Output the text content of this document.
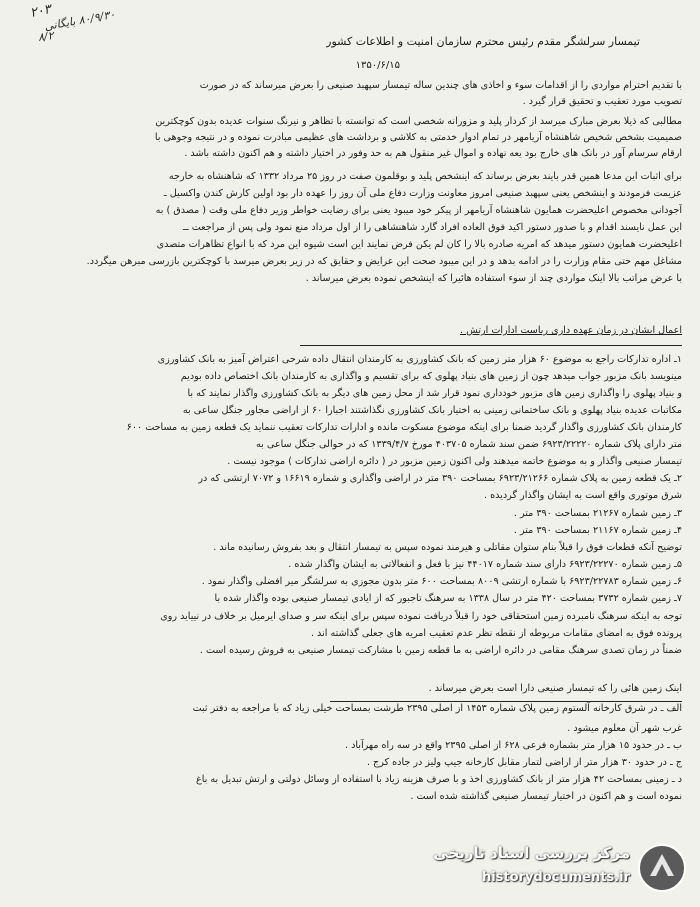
۲۰۳
۸۰/۹/۳۰ بایگانی
۸/۲	تیمسار سرلشگر مقدم رئیس محترم سازمان امنیت و اطلاعات کشور
۱۳۵۰/۶/۱۵
با تقدیم احترام مواردی را از اقدامات سوء و اخاذی های چندین ساله تیمسار سپهبد صنیعی را بعرض میرساند که در صورت
تصویب مورد تعقیب و تحقیق قرار گیرد .
مطالبی که ذیلا بعرض مبارک میرسد از کردار پلید و مزورانه شخصی است که توانسته با تظاهر و نیرنگ سنوات عدیده بدون کوچکترین
صمیمیت بشخص شخیص شاهنشاه آریامهر در تمام ادوار خدمتی به کلاشی و برداشت های عظیمی مبادرت نموده و در نتیجه وجوهی با
ارقام سرسام آور در بانک های خارج بود یعه نهاده و اموال غیر منقول هم به حد وفور در اختیار داشته و هم اکنون داشته باشد .
برای اثبات این مدعا همین قدر بایند بعرض برساند که اینشخص پلید و بوقلمون صفت در روز ۲۵ مرداد ۱۳۳۲ که شاهنشاه به خارجه
عزیمت فرمودند و اینشخص یعنی سپهبد صنیعی امروز معاونت وزارت دفاع ملی آن روز را عهده دار بود اولین کارش کندن واکسیل ـ
آجودانی مخصوص اعلیحضرت همایون شاهنشاه آریامهر از پیکر خود میبود یعنی برای رضایت خواطر وزیر دفاع ملی وقت ( مصدق ) به
این عمل نایسند اقدام و با صدور دستور اکید فوق العاده افراد گارد شاهنشاهی را از اول مرداد منع نمود ولی پس از مراجعت ــ
اعلیحضرت همایون دستور میدهد که امریه صادره بالا را کان لم یکن فرض نمایند این است شیوه این مرد که با انواع تظاهرات متصدی
مشاغل مهم حتی مقام وزارت را در ادامه بدهد و در این میبود صحت این عرایض و حقایق که در زیر بعرض میرسد با کوچکترین بازرسی مبرهن میگردد.
با عرض مراتب بالا اینک مواردی چند از سوء استفاده هائیرا که اینشخص نموده بعرض میرساند .
اعمال ایشان در زمان عهده داری ریاست ادارات ارتش .
۱ـ اداره تدارکات راجع به موضوع ۶۰ هزار متر زمین که بانک کشاورزی به کارمندان انتقال داده شرحی اعتراض آمیز به بانک کشاورزی
مینویسد بانک مزبور جواب میدهد چون از زمین های بنیاد پهلوی که برای تقسیم و واگذاری به کارمندان بانک اختصاص داده بودیم
و بنیاد پهلوی را واگذاری زمین های مزبور خودداری نمود قرار شد از محل زمین های دیگر به بانک کشاورزی واگذار نمایند که با
مکاتبات عدیده بنیاد پهلوی و بانک ساختمانی زمینی به اختیار بانک کشاورزی نگذاشتند اجبارا ۶۰ از اراضی مجاور جنگل ساعی به
کارمندان بانک کشاورزی واگذار گردید ضمنا برای اینکه موضوع مسکوت مانده و ادارات تدارکات تعقیب ننماید یک قطعه زمین به مساحت ۶۰۰
متر دارای پلاک شماره ۶۹۲۳/۲۲۲۲۰ ضمن سند شماره ۴۰۳۷۰۵ مورخ ۱۳۳۹/۴/۷ که در حوالی جنگل ساعی به
تیمسار صنیعی واگذار و به موضوع خاتمه میدهند ولی اکنون زمین مزبور در ( دائره اراضی تدارکات ) موجود نیست .
۲ـ یک قطعه زمین به پلاک شماره ۶۹۲۳/۲۱۲۶۶ بمساحت ۳۹۰ متر در اراضی واگذاری و شماره ۱۶۶۱۹ و ۷۰۷۲ ارتشی که در
شرق موتوری واقع است به ایشان واگذار گردیده .
۳ـ زمین شماره ۲۱۲۶۷ بمساحت ۳۹۰ متر .
۴ـ زمین شماره ۲۱۱۶۷ بمساحت ۳۹۰ متر .
توضیح آنکه قطعات فوق را قبلاً بنام ستوان مقاتلی و هیرمند نموده سپس به تیمسار انتقال و بعد بفروش رسانیده ماند .
۵ـ زمین شماره ۶۹۲۳/۲۲۲۷۰ دارای سند شماره ۴۴۰۱۷ نیز با فعل و انفعالاتی به ایشان واگذار شده .
۶ـ زمین شماره ۶۹۲۳/۲۲۷۸۳ با شماره ارتشی ۸۰۰۹ بمساحت ۶۰۰ متر بدون مجوزی به سرلشگر میر افضلی واگذار نمود .
۷ـ زمین شماره ۳۷۳۲ بمساحت ۴۲۰ متر در سال ۱۳۳۸ به سرهنگ تاجبور که از ایادی تیمسار صنیعی بوده واگذار شده با
توجه به اینکه سرهنگ نامبرده زمین استحقاقی خود را قبلاً دریافت نموده سپس برای اینکه سر و صدای ایرمیل بر خلاف در نییاید روی
پرونده فوق به امضای مقامات مربوطه از نقطه نظر عدم تعقیب امریه های جعلی گذاشته اند .
ضمناً در زمان تصدی سرهنگ مقامی در دائره اراضی به ما قطعه زمین با مشارکت تیمسار صنیعی به فروش رسیده است .
اینک زمین هائی را که تیمسار صنیعی دارا است بعرض میرساند .
الف ـ در شرق کارخانه آلستوم زمین پلاک شماره ۱۴۵۳ از اصلی ۲۳۹۵ طرشت بمساحت خیلی زیاد که با مراجعه به دفتر ثبت
غرب شهر آن معلوم میشود .
ب ـ در حدود ۱۵ هزار متر بشماره فرعی ۶۲۸ از اصلی ۲۳۹۵ واقع در سه راه مهرآباد .
ج ـ در حدود ۳۰ هزار متر از اراضی لتمار مقابل کارخانه جیپ ولیز در جاده کرج .
د ـ زمینی بمساحت ۴۲ هزار متر از بانک کشاورزی اخذ و با صرف هزینه زیاد با استفاده از وسائل دولتی و ارتش تبدیل به باغ
نموده است و هم اکنون در اختیار تیمسار صنیعی گذاشته شده است .
مرکز بررسی اسناد تاریخی
historydocuments.ir
